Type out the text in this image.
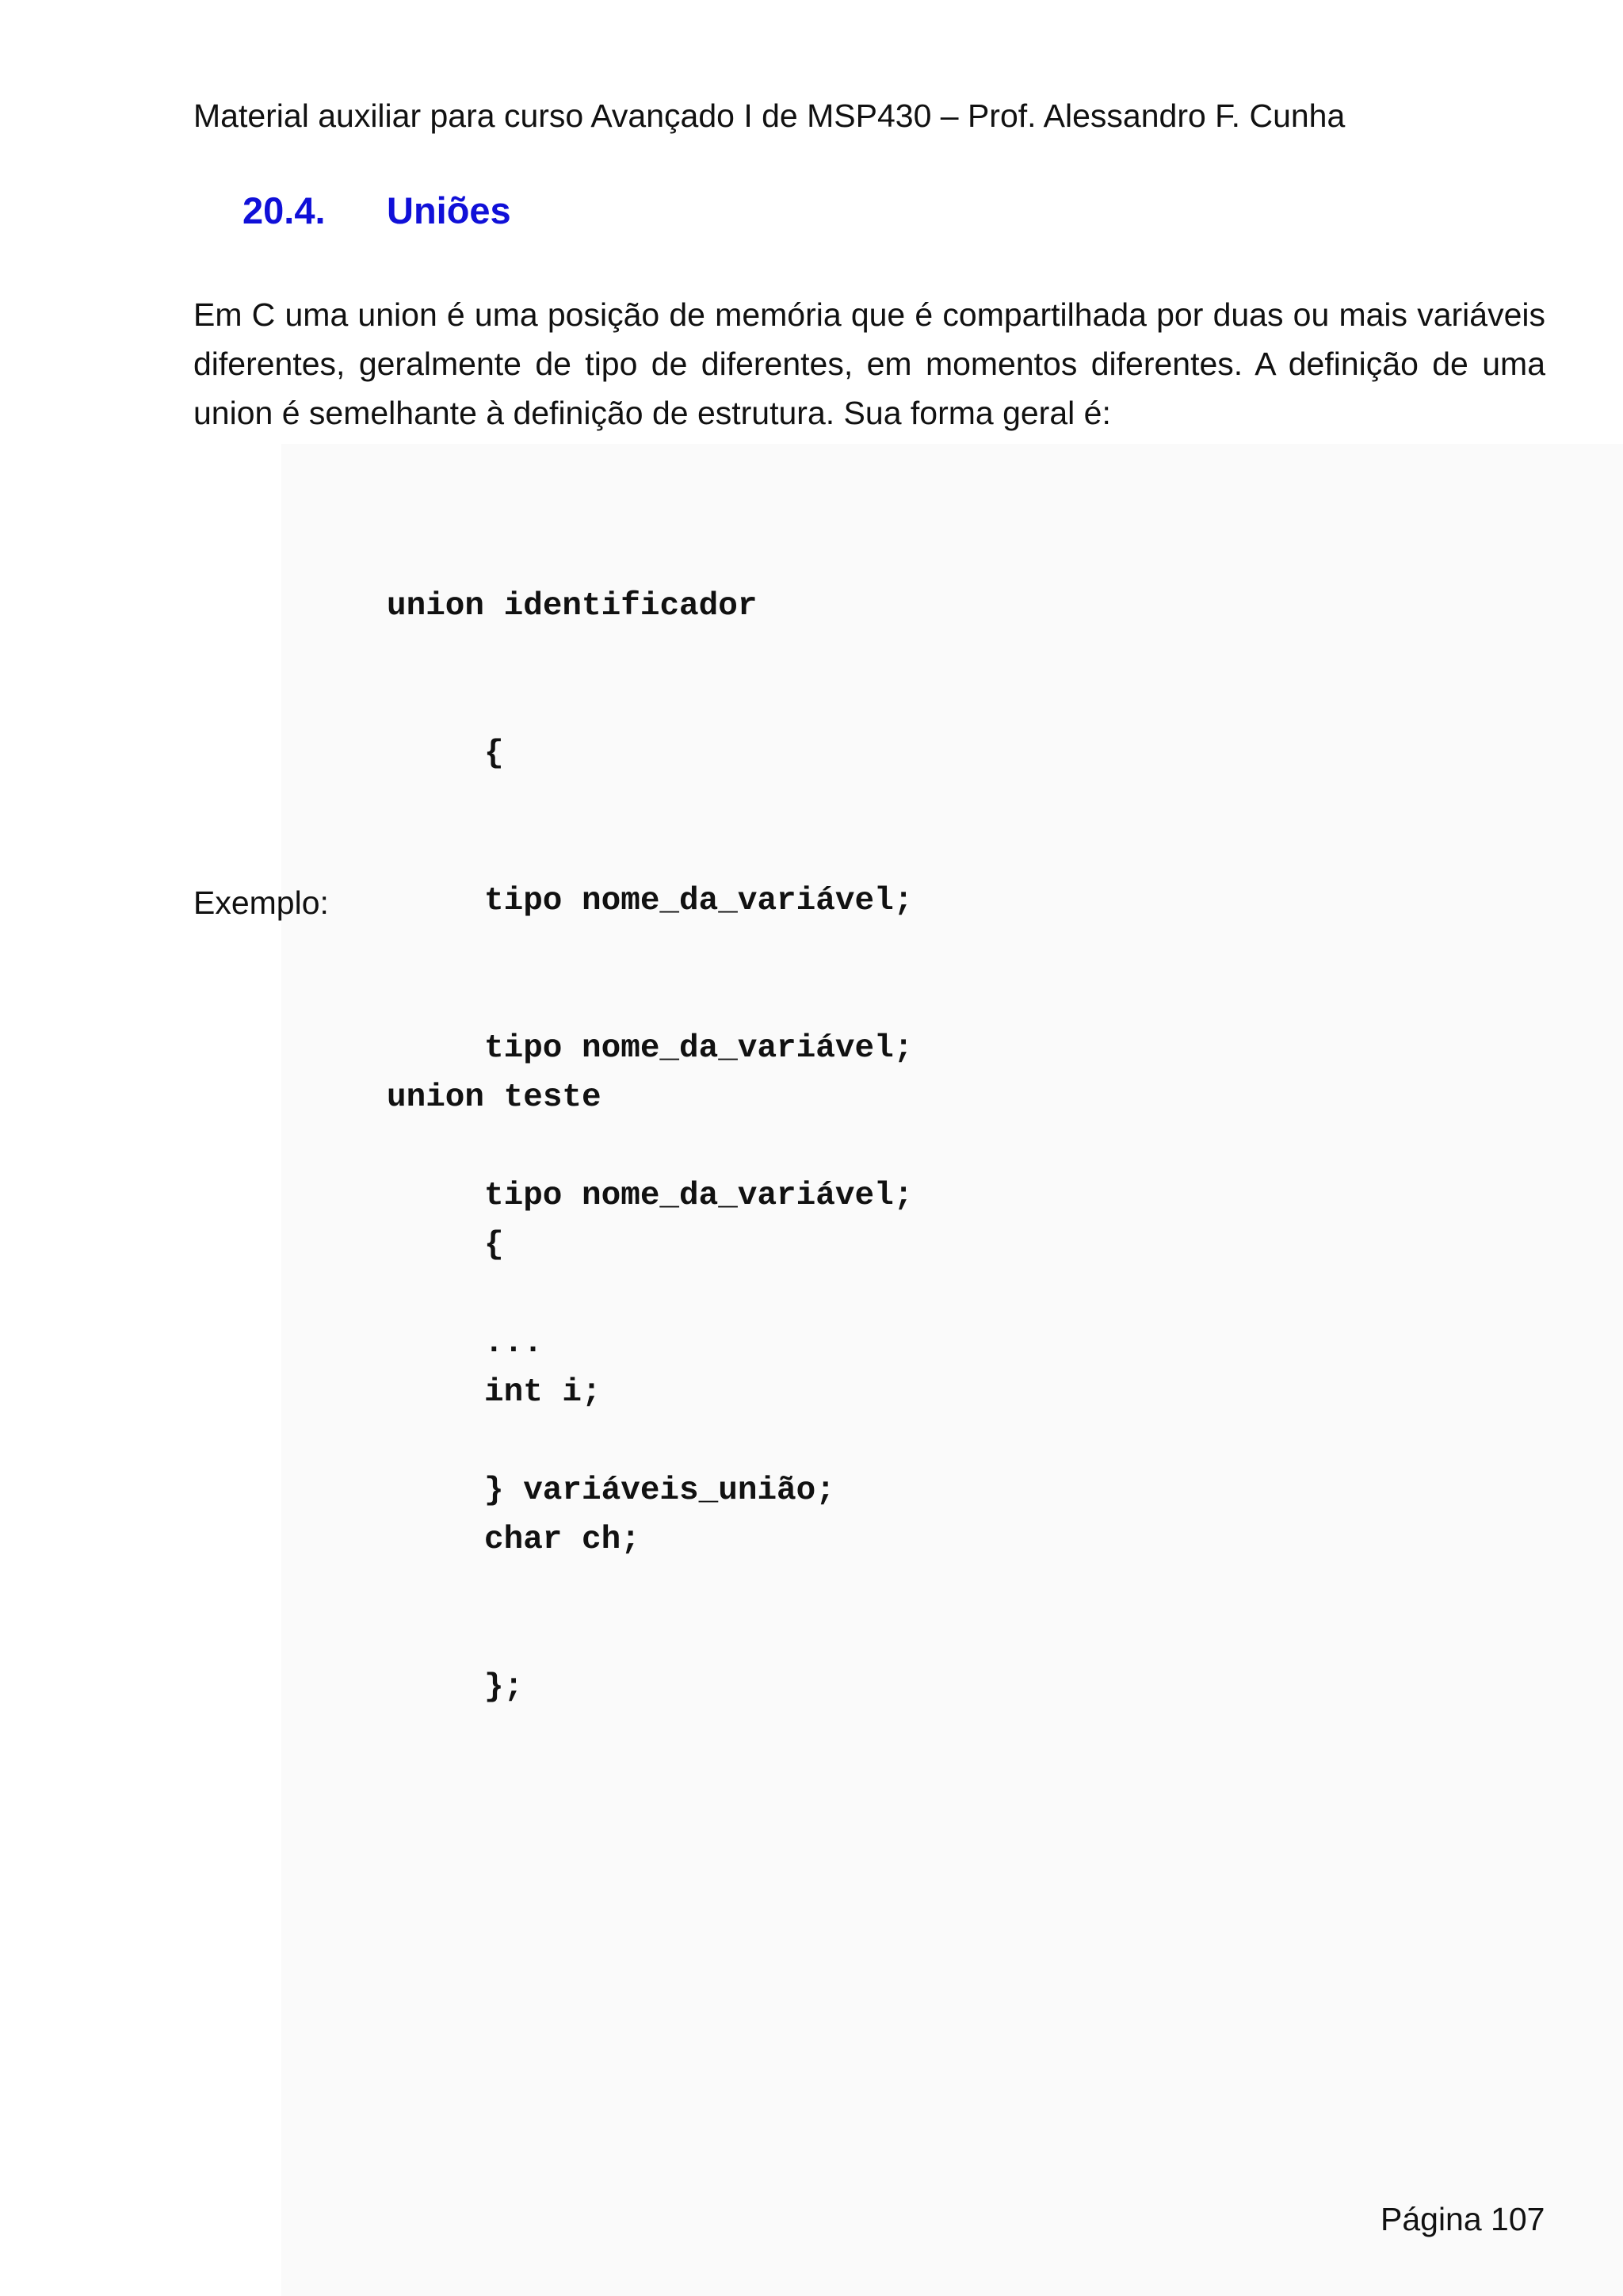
Material auxiliar para curso Avançado I de MSP430 – Prof. Alessandro F. Cunha
20.4. Uniões
Em C uma union é uma posição de memória que é compartilhada por duas ou mais variáveis
diferentes, geralmente de tipo de diferentes, em momentos diferentes. A definição de uma
union é semelhante à definição de estrutura. Sua forma geral é:

union identificador

{

tipo nome_da_variável;

tipo nome_da_variável;

tipo nome_da_variável;

...

} variáveis_união;

Exemplo:

union teste

{

int i;

char ch;

};

Página 107
